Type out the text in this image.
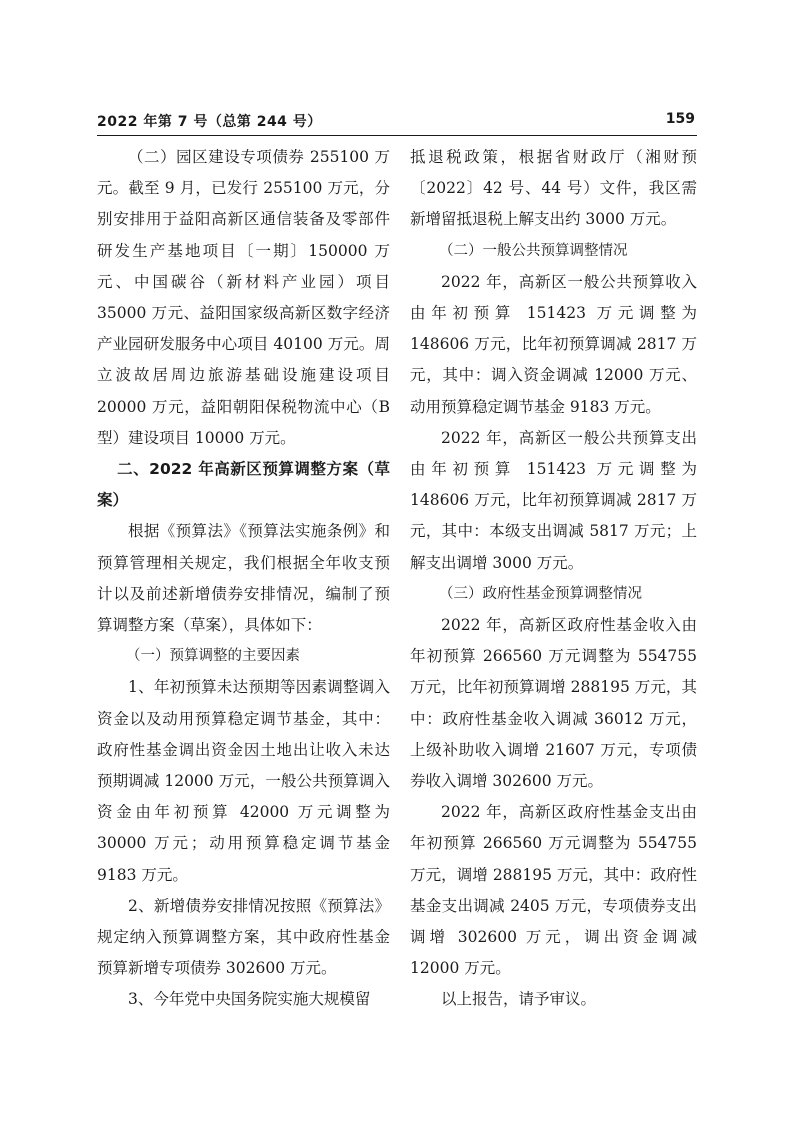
2022 年第 7 号（总第 244 号）	159

（二）园区建设专项债券 255100 万元。截至 9 月，已发行 255100 万元，分别安排用于益阳高新区通信装备及零部件研发生产基地项目〔一期〕150000 万元、中国碳谷（新材料产业园）项目 35000 万元、益阳国家级高新区数字经济产业园研发服务中心项目 40100 万元。周立波故居周边旅游基础设施建设项目 20000 万元，益阳朝阳保税物流中心（B 型）建设项目 10000 万元。

二、2022 年高新区预算调整方案（草案）

根据《预算法》《预算法实施条例》和预算管理相关规定，我们根据全年收支预计以及前述新增债券安排情况，编制了预算调整方案（草案），具体如下：

（一）预算调整的主要因素

1、年初预算未达预期等因素调整调入资金以及动用预算稳定调节基金，其中：政府性基金调出资金因土地出让收入未达预期调减 12000 万元，一般公共预算调入资金由年初预算 42000 万元调整为 30000 万元；动用预算稳定调节基金 9183 万元。

2、新增债券安排情况按照《预算法》规定纳入预算调整方案，其中政府性基金预算新增专项债券 302600 万元。

3、今年党中央国务院实施大规模留

抵退税政策，根据省财政厅（湘财预〔2022〕42 号、44 号）文件，我区需新增留抵退税上解支出约 3000 万元。

（二）一般公共预算调整情况

2022 年，高新区一般公共预算收入由年初预算 151423 万元调整为 148606 万元，比年初预算调减 2817 万元，其中：调入资金调减 12000 万元、动用预算稳定调节基金 9183 万元。

2022 年，高新区一般公共预算支出由年初预算 151423 万元调整为 148606 万元，比年初预算调减 2817 万元，其中：本级支出调减 5817 万元；上解支出调增 3000 万元。

（三）政府性基金预算调整情况

2022 年，高新区政府性基金收入由年初预算 266560 万元调整为 554755 万元，比年初预算调增 288195 万元，其中：政府性基金收入调减 36012 万元，上级补助收入调增 21607 万元，专项债券收入调增 302600 万元。

2022 年，高新区政府性基金支出由年初预算 266560 万元调整为 554755 万元，调增 288195 万元，其中：政府性基金支出调减 2405 万元，专项债券支出调增 302600 万元，调出资金调减 12000 万元。

以上报告，请予审议。
